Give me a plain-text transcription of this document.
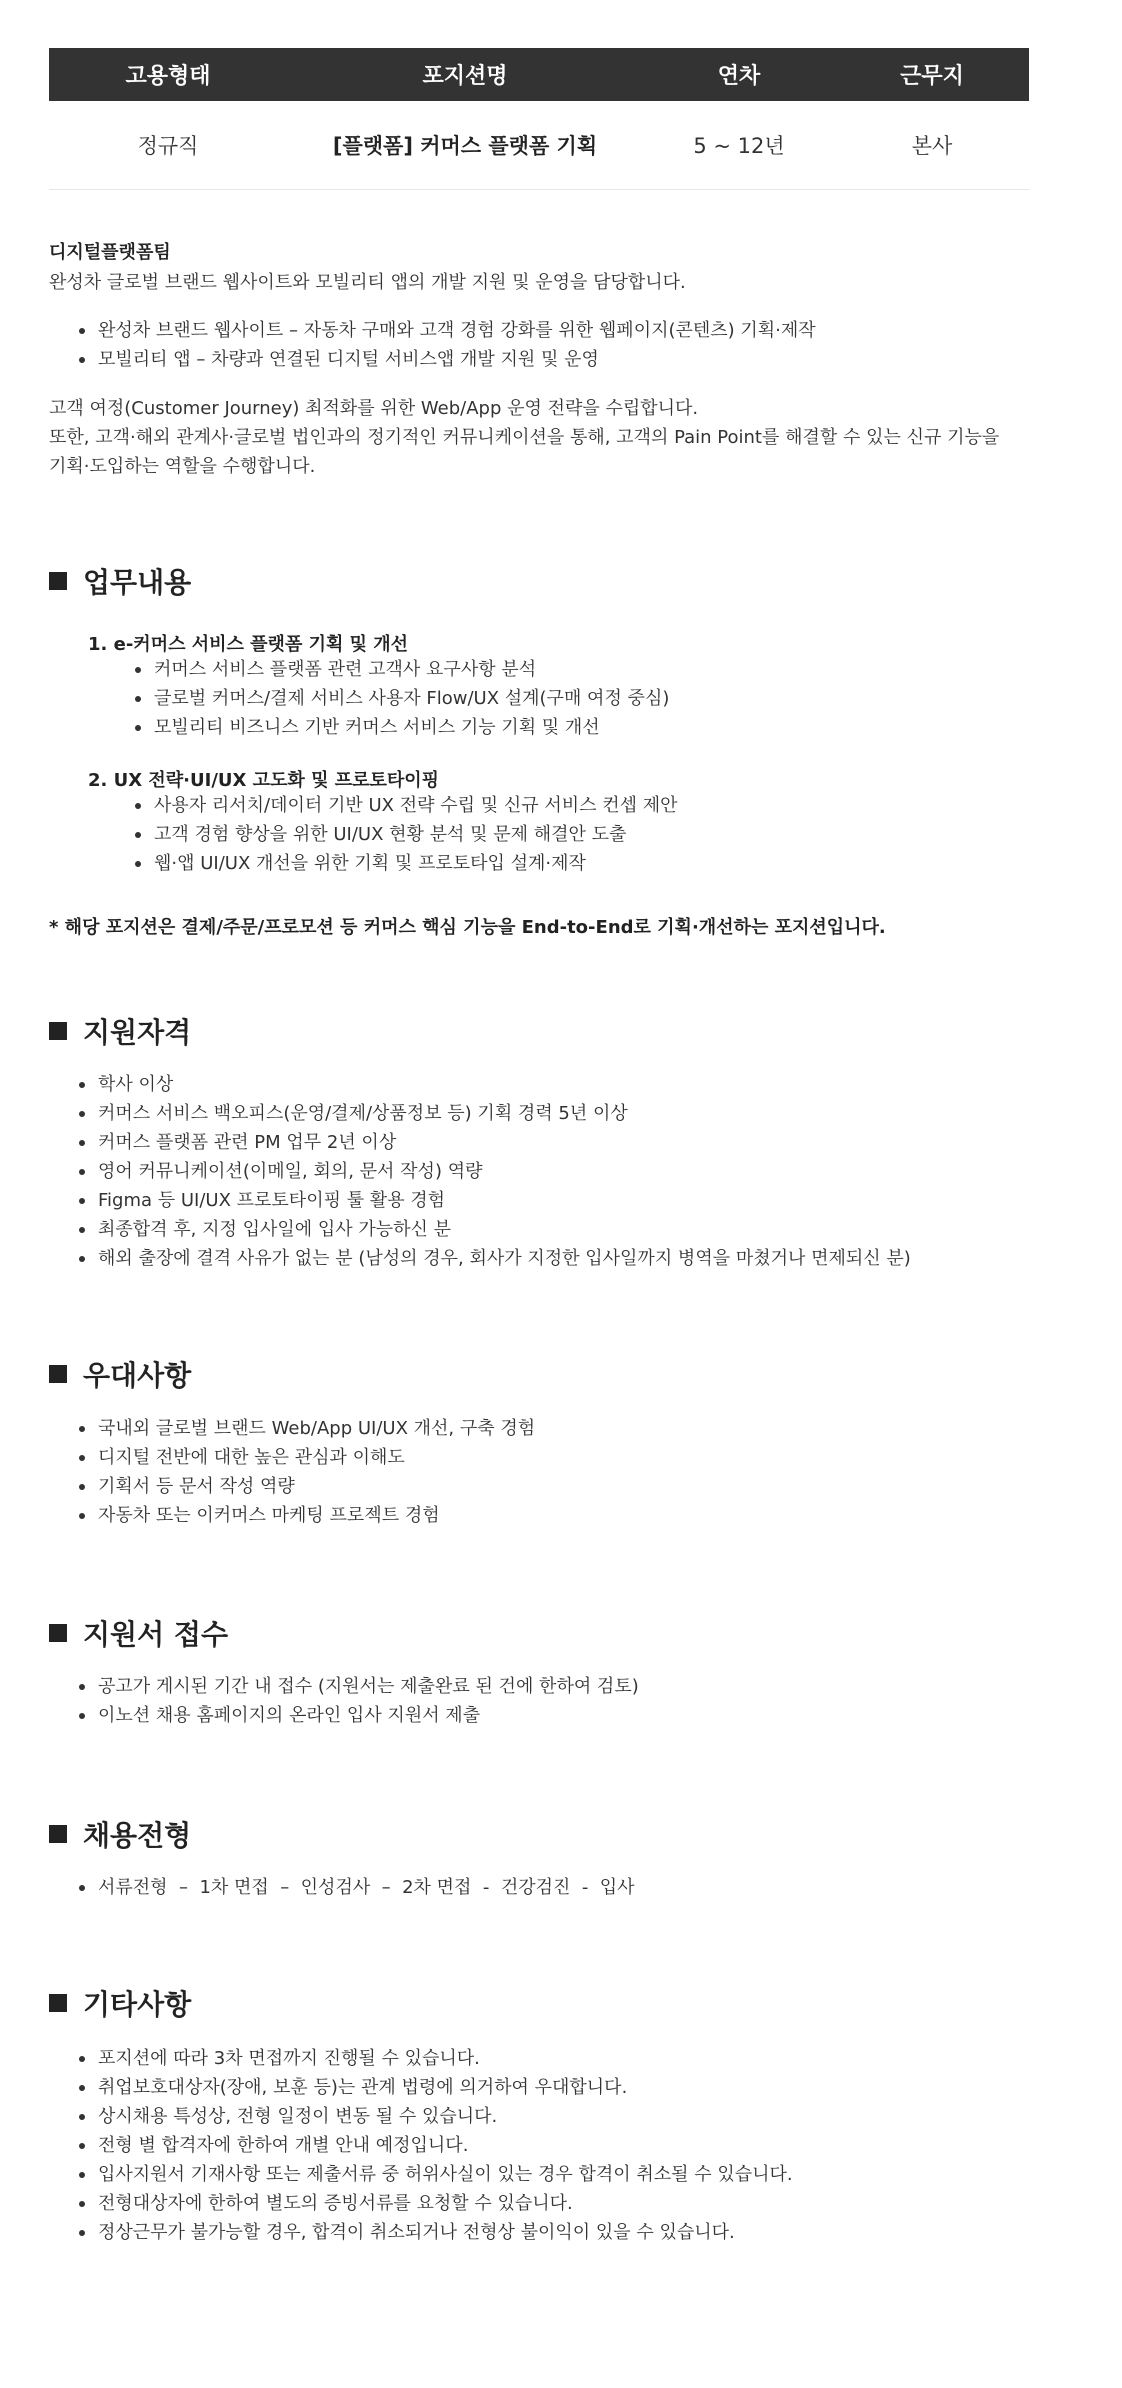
고용형태	포지션명	연차	근무지
정규직	[플랫폼] 커머스 플랫폼 기획	5 ~ 12년	본사
디지털플랫폼팀
완성차 글로벌 브랜드 웹사이트와 모빌리티 앱의 개발 지원 및 운영을 담당합니다.
완성차 브랜드 웹사이트 – 자동차 구매와 고객 경험 강화를 위한 웹페이지(콘텐츠) 기획·제작
모빌리티 앱 – 차량과 연결된 디지털 서비스앱 개발 지원 및 운영
고객 여정(Customer Journey) 최적화를 위한 Web/App 운영 전략을 수립합니다.
또한, 고객·해외 관계사·글로벌 법인과의 정기적인 커뮤니케이션을 통해, 고객의 Pain Point를 해결할 수 있는 신규 기능을
기획·도입하는 역할을 수행합니다.
업무내용
1. e-커머스 서비스 플랫폼 기획 및 개선
커머스 서비스 플랫폼 관련 고객사 요구사항 분석
글로벌 커머스/결제 서비스 사용자 Flow/UX 설계(구매 여정 중심)
모빌리티 비즈니스 기반 커머스 서비스 기능 기획 및 개선
2. UX 전략·UI/UX 고도화 및 프로토타이핑
사용자 리서치/데이터 기반 UX 전략 수립 및 신규 서비스 컨셉 제안
고객 경험 향상을 위한 UI/UX 현황 분석 및 문제 해결안 도출
웹·앱 UI/UX 개선을 위한 기획 및 프로토타입 설계·제작
* 해당 포지션은 결제/주문/프로모션 등 커머스 핵심 기능을 End-to-End로 기획·개선하는 포지션입니다.
지원자격
학사 이상
커머스 서비스 백오피스(운영/결제/상품정보 등) 기획 경력 5년 이상
커머스 플랫폼 관련 PM 업무 2년 이상
영어 커뮤니케이션(이메일, 회의, 문서 작성) 역량
Figma 등 UI/UX 프로토타이핑 툴 활용 경험
최종합격 후, 지정 입사일에 입사 가능하신 분
해외 출장에 결격 사유가 없는 분 (남성의 경우, 회사가 지정한 입사일까지 병역을 마쳤거나 면제되신 분)
우대사항
국내외 글로벌 브랜드 Web/App UI/UX 개선, 구축 경험
디지털 전반에 대한 높은 관심과 이해도
기획서 등 문서 작성 역량
자동차 또는 이커머스 마케팅 프로젝트 경험
지원서 접수
공고가 게시된 기간 내 접수 (지원서는 제출완료 된 건에 한하여 검토)
이노션 채용 홈페이지의 온라인 입사 지원서 제출
채용전형
서류전형  –  1차 면접  –  인성검사  –  2차 면접  -  건강검진  -  입사
기타사항
포지션에 따라 3차 면접까지 진행될 수 있습니다.
취업보호대상자(장애, 보훈 등)는 관계 법령에 의거하여 우대합니다.
상시채용 특성상, 전형 일정이 변동 될 수 있습니다.
전형 별 합격자에 한하여 개별 안내 예정입니다.
입사지원서 기재사항 또는 제출서류 중 허위사실이 있는 경우 합격이 취소될 수 있습니다.
전형대상자에 한하여 별도의 증빙서류를 요청할 수 있습니다.
정상근무가 불가능할 경우, 합격이 취소되거나 전형상 불이익이 있을 수 있습니다.
